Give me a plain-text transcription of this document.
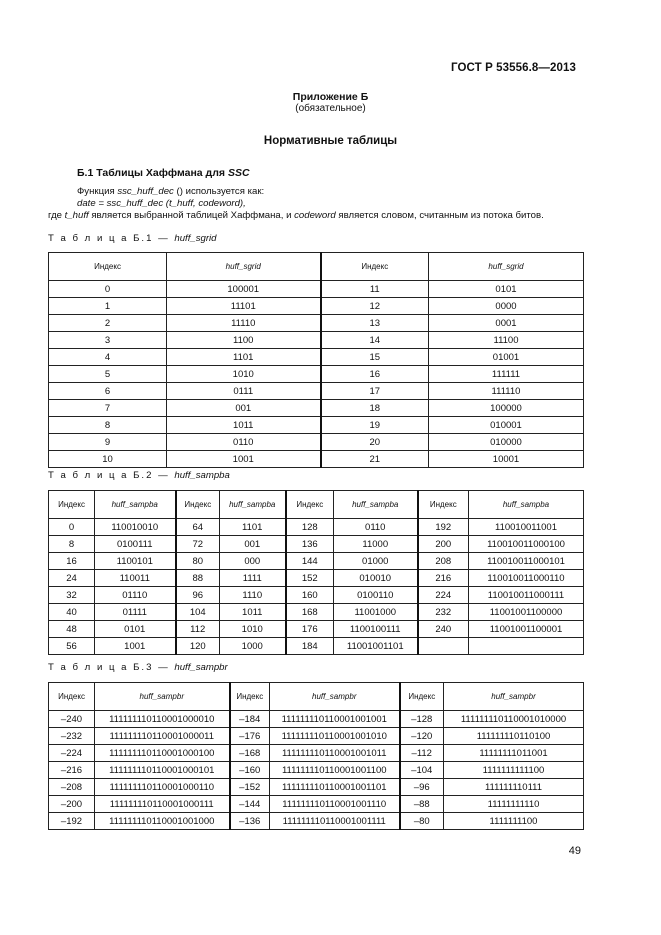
ГОСТ Р 53556.8—2013
Приложение Б
(обязательное)
Нормативные таблицы
Б.1 Таблицы Хаффмана для SSC
Функция ssc_huff_dec () используется как:
date = ssc_huff_dec (t_huff, codeword),
где t_huff является выбранной таблицей Хаффмана, и codeword является словом, считанным из потока битов.
Т а б л и ц а Б.1 — huff_sgrid
Индекс	huff_sgrid	Индекс	huff_sgrid
0	100001	11	0101
1	11101	12	0000
2	11110	13	0001
3	1100	14	11100
4	1101	15	01001
5	1010	16	111111
6	0111	17	111110
7	001	18	100000
8	1011	19	010001
9	0110	20	010000
10	1001	21	10001
Т а б л и ц а Б.2 — huff_sampba
Индекс	huff_sampba	Индекс	huff_sampba	Индекс	huff_sampba	Индекс	huff_sampba
0	110010010	64	1101	128	0110	192	110010011001
8	0100111	72	001	136	11000	200	110010011000100
16	1100101	80	000	144	01000	208	110010011000101
24	110011	88	1111	152	010010	216	110010011000110
32	01110	96	1110	160	0100110	224	110010011000111
40	01111	104	1011	168	11001000	232	11001001100000
48	0101	112	1010	176	1100100111	240	11001001100001
56	1001	120	1000	184	11001001101		
Т а б л и ц а Б.3 — huff_sampbr
Индекс	huff_sampbr	Индекс	huff_sampbr	Индекс	huff_sampbr
–240	111111110110001000010	–184	111111110110001001001	–128	111111110110001010000
–232	111111110110001000011	–176	111111110110001001010	–120	111111110110100
–224	111111110110001000100	–168	111111110110001001011	–112	11111111011001
–216	111111110110001000101	–160	111111110110001001100	–104	1111111111100
–208	111111110110001000110	–152	111111110110001001101	–96	111111110111
–200	111111110110001000111	–144	111111110110001001110	–88	11111111110
–192	111111110110001001000	–136	111111110110001001111	–80	1111111100
49
